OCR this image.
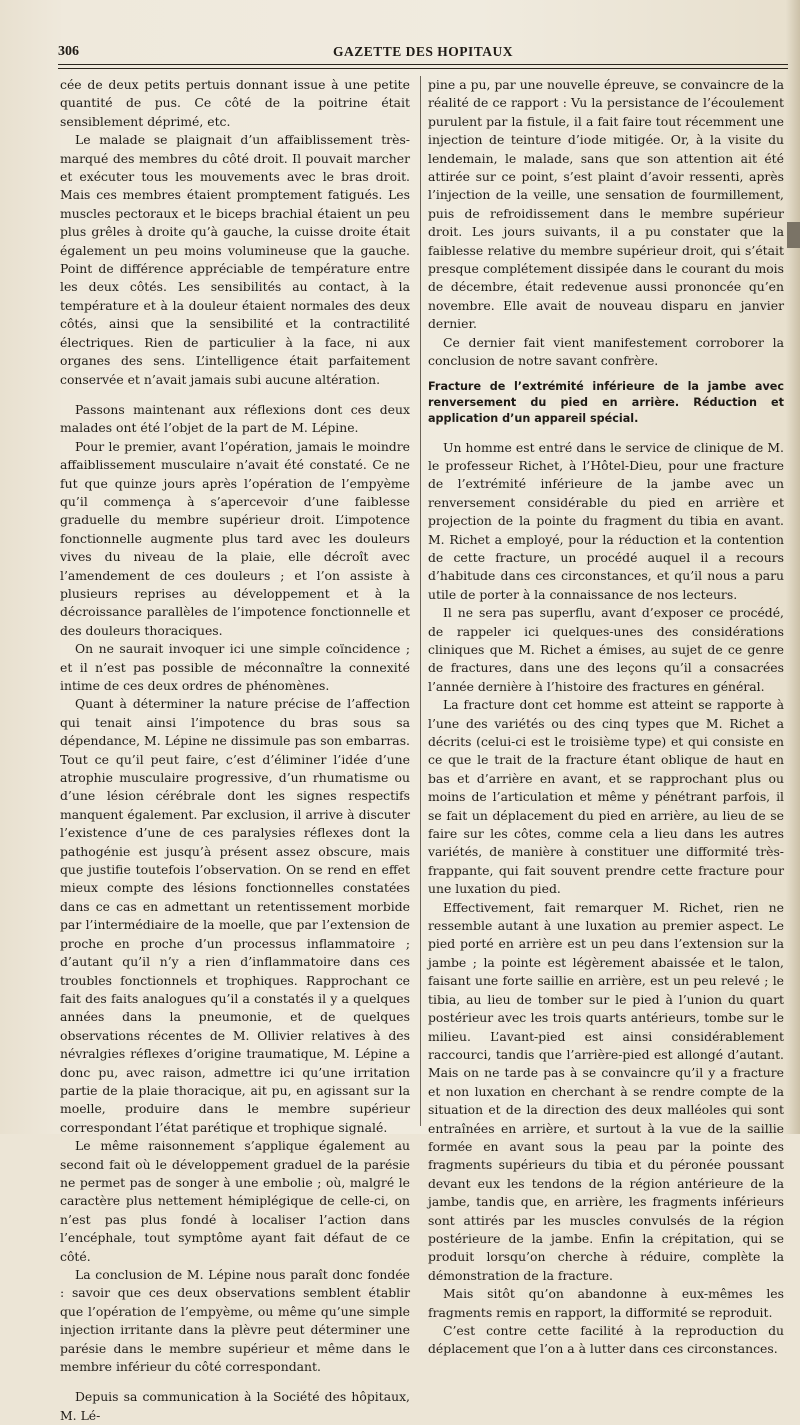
306	GAZETTE DES HOPITAUX

cée de deux petits pertuis donnant issue à une petite quantité de pus. Ce côté de la poitrine était sensiblement déprimé, etc.

Le malade se plaignait d’un affaiblissement très-marqué des membres du côté droit. Il pouvait marcher et exécuter tous les mouvements avec le bras droit. Mais ces membres étaient promptement fatigués. Les muscles pectoraux et le biceps brachial étaient un peu plus grêles à droite qu’à gauche, la cuisse droite était également un peu moins volumineuse que la gauche. Point de différence appréciable de température entre les deux côtés. Les sensibilités au contact, à la température et à la douleur étaient normales des deux côtés, ainsi que la sensibilité et la contractilité électriques. Rien de particulier à la face, ni aux organes des sens. L’intelligence était parfaitement conservée et n’avait jamais subi aucune altération.

Passons maintenant aux réflexions dont ces deux malades ont été l’objet de la part de M. Lépine.

Pour le premier, avant l’opération, jamais le moindre affaiblissement musculaire n’avait été constaté. Ce ne fut que quinze jours après l’opération de l’empyème qu’il commença à s’apercevoir d’une faiblesse graduelle du membre supérieur droit. L’impotence fonctionnelle augmente plus tard avec les douleurs vives du niveau de la plaie, elle décroît avec l’amendement de ces douleurs ; et l’on assiste à plusieurs reprises au développement et à la décroissance parallèles de l’impotence fonctionnelle et des douleurs thoraciques.

On ne saurait invoquer ici une simple coïncidence ; et il n’est pas possible de méconnaître la connexité intime de ces deux ordres de phénomènes.

Quant à déterminer la nature précise de l’affection qui tenait ainsi l’impotence du bras sous sa dépendance, M. Lépine ne dissimule pas son embarras. Tout ce qu’il peut faire, c’est d’éliminer l’idée d’une atrophie musculaire progressive, d’un rhumatisme ou d’une lésion cérébrale dont les signes respectifs manquent également. Par exclusion, il arrive à discuter l’existence d’une de ces paralysies réflexes dont la pathogénie est jusqu’à présent assez obscure, mais que justifie toutefois l’observation. On se rend en effet mieux compte des lésions fonctionnelles constatées dans ce cas en admettant un retentissement morbide par l’intermédiaire de la moelle, que par l’extension de proche en proche d’un processus inflammatoire ; d’autant qu’il n’y a rien d’inflammatoire dans ces troubles fonctionnels et trophiques. Rapprochant ce fait des faits analogues qu’il a constatés il y a quelques années dans la pneumonie, et de quelques observations récentes de M. Ollivier relatives à des névralgies réflexes d’origine traumatique, M. Lépine a donc pu, avec raison, admettre ici qu’une irritation partie de la plaie thoracique, ait pu, en agissant sur la moelle, produire dans le membre supérieur correspondant l’état parétique et trophique signalé.

Le même raisonnement s’applique également au second fait où le développement graduel de la parésie ne permet pas de songer à une embolie ; où, malgré le caractère plus nettement hémiplégique de celle-ci, on n’est pas plus fondé à localiser l’action dans l’encéphale, tout symptôme ayant fait défaut de ce côté.

La conclusion de M. Lépine nous paraît donc fondée : savoir que ces deux observations semblent établir que l’opération de l’empyème, ou même qu’une simple injection irritante dans la plèvre peut déterminer une parésie dans le membre supérieur et même dans le membre inférieur du côté correspondant.

Depuis sa communication à la Société des hôpitaux, M. Lé-

pine a pu, par une nouvelle épreuve, se convaincre de la réalité de ce rapport : Vu la persistance de l’écoulement purulent par la fistule, il a fait faire tout récemment une injection de teinture d’iode mitigée. Or, à la visite du lendemain, le malade, sans que son attention ait été attirée sur ce point, s’est plaint d’avoir ressenti, après l’injection de la veille, une sensation de fourmillement, puis de refroidissement dans le membre supérieur droit. Les jours suivants, il a pu constater que la faiblesse relative du membre supérieur droit, qui s’était presque complétement dissipée dans le courant du mois de décembre, était redevenue aussi prononcée qu’en novembre. Elle avait de nouveau disparu en janvier dernier.

Ce dernier fait vient manifestement corroborer la conclusion de notre savant confrère.

Fracture de l’extrémité inférieure de la jambe avec renversement du pied en arrière. Réduction et application d’un appareil spécial.

Un homme est entré dans le service de clinique de M. le professeur Richet, à l’Hôtel-Dieu, pour une fracture de l’extrémité inférieure de la jambe avec un renversement considérable du pied en arrière et projection de la pointe du fragment du tibia en avant. M. Richet a employé, pour la réduction et la contention de cette fracture, un procédé auquel il a recours d’habitude dans ces circonstances, et qu’il nous a paru utile de porter à la connaissance de nos lecteurs.

Il ne sera pas superflu, avant d’exposer ce procédé, de rappeler ici quelques-unes des considérations cliniques que M. Richet a émises, au sujet de ce genre de fractures, dans une des leçons qu’il a consacrées l’année dernière à l’histoire des fractures en général.

La fracture dont cet homme est atteint se rapporte à l’une des variétés ou des cinq types que M. Richet a décrits (celui-ci est le troisième type) et qui consiste en ce que le trait de la fracture étant oblique de haut en bas et d’arrière en avant, et se rapprochant plus ou moins de l’articulation et même y pénétrant parfois, il se fait un déplacement du pied en arrière, au lieu de se faire sur les côtes, comme cela a lieu dans les autres variétés, de manière à constituer une difformité très-frappante, qui fait souvent prendre cette fracture pour une luxation du pied.

Effectivement, fait remarquer M. Richet, rien ne ressemble autant à une luxation au premier aspect. Le pied porté en arrière est un peu dans l’extension sur la jambe ; la pointe est légèrement abaissée et le talon, faisant une forte saillie en arrière, est un peu relevé ; le tibia, au lieu de tomber sur le pied à l’union du quart postérieur avec les trois quarts antérieurs, tombe sur le milieu. L’avant-pied est ainsi considérablement raccourci, tandis que l’arrière-pied est allongé d’autant. Mais on ne tarde pas à se convaincre qu’il y a fracture et non luxation en cherchant à se rendre compte de la situation et de la direction des deux malléoles qui sont entraînées en arrière, et surtout à la vue de la saillie formée en avant sous la peau par la pointe des fragments supérieurs du tibia et du péronée poussant devant eux les tendons de la région antérieure de la jambe, tandis que, en arrière, les fragments inférieurs sont attirés par les muscles convulsés de la région postérieure de la jambe. Enfin la crépitation, qui se produit lorsqu’on cherche à réduire, complète la démonstration de la fracture.

Mais sitôt qu’on abandonne à eux-mêmes les fragments remis en rapport, la difformité se reproduit.

C’est contre cette facilité à la reproduction du déplacement que l’on a à lutter dans ces circonstances.
